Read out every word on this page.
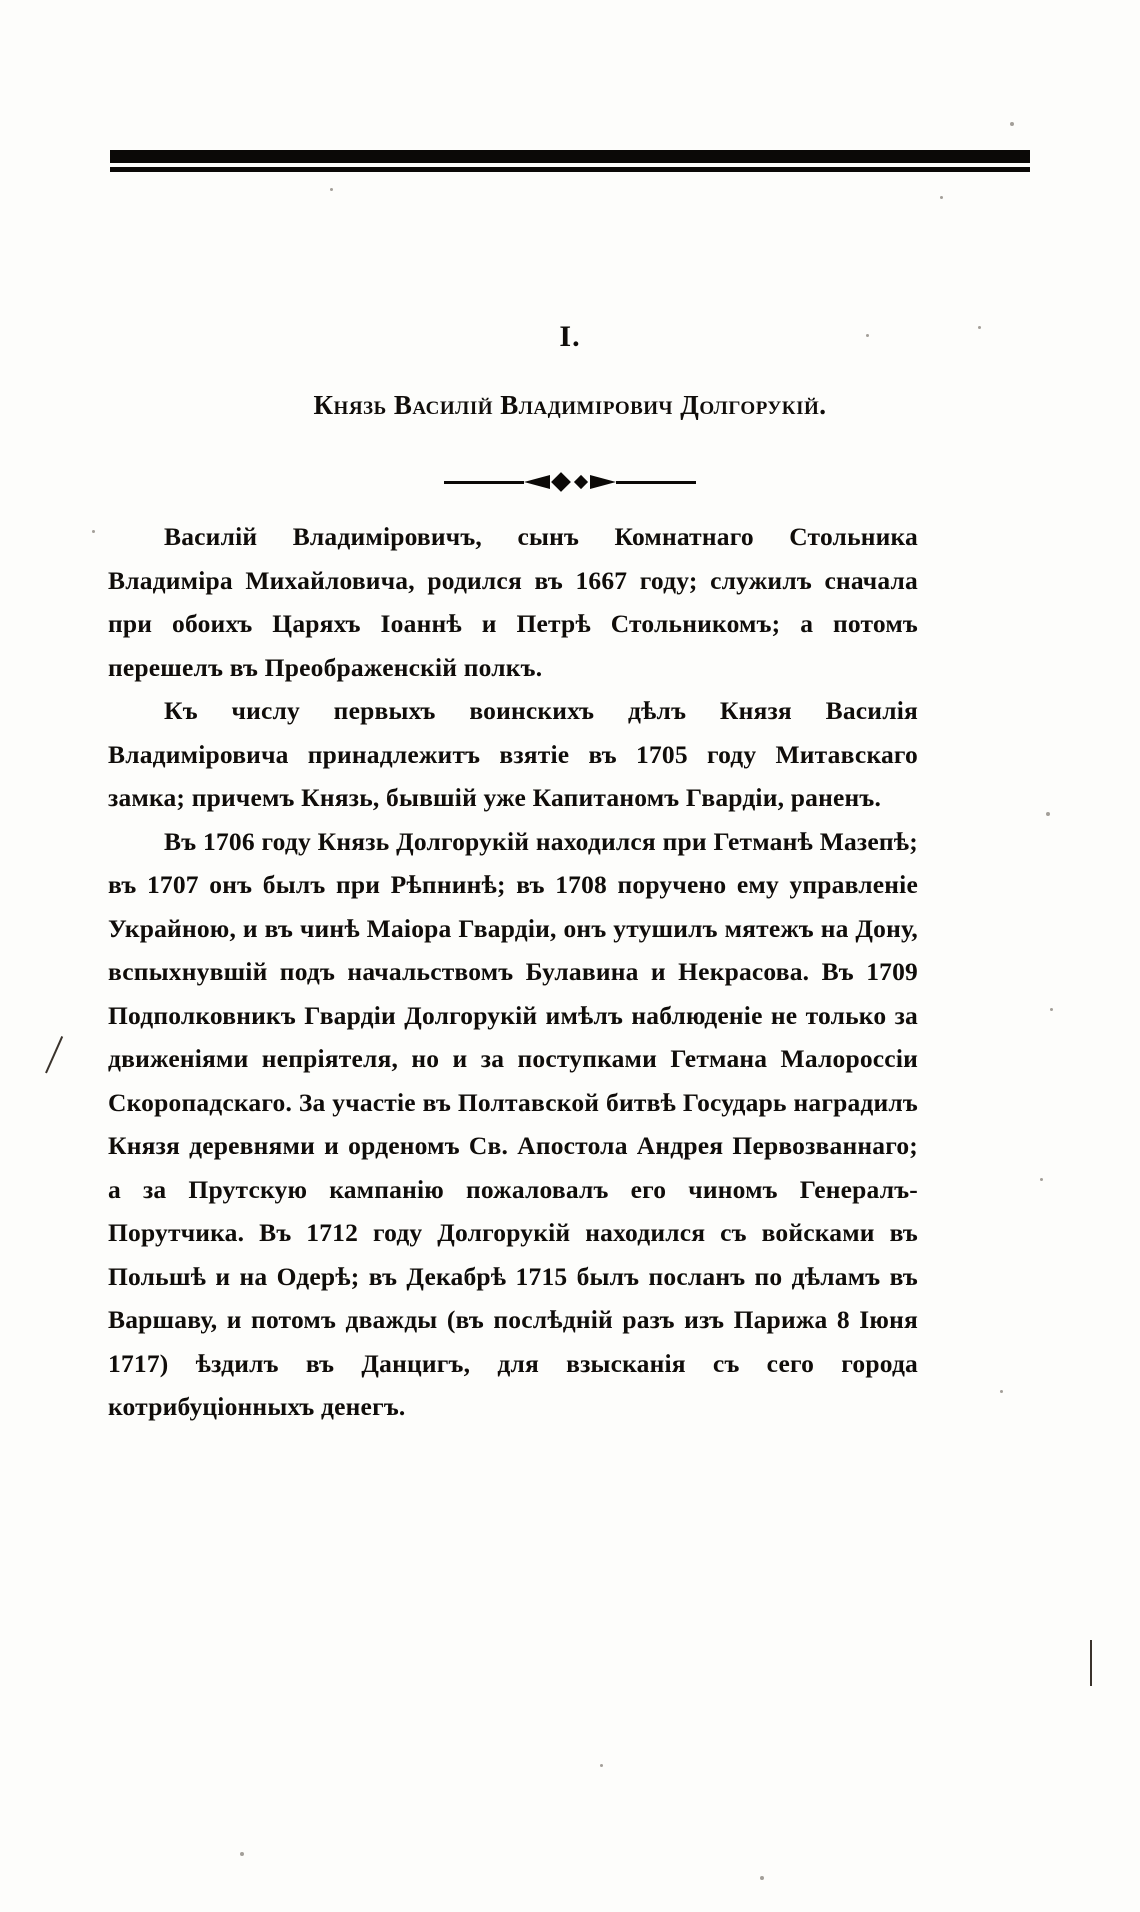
I.
Князь Василій Владимірович Долгорукій.

Василій Владиміровичъ, сынъ Комнатнаго Стольника Владиміра Михайловича, родился въ 1667 году; служилъ сначала при обоихъ Царяхъ Іоаннѣ и Петрѣ Стольникомъ; а потомъ перешелъ въ Преображенскій полкъ.

Къ числу первыхъ воинскихъ дѣлъ Князя Василія Владиміровича принадлежитъ взятіе въ 1705 году Митавскаго замка; причемъ Князь, бывшій уже Капитаномъ Гвардіи, раненъ.

Въ 1706 году Князь Долгорукій находился при Гетманѣ Мазепѣ; въ 1707 онъ былъ при Рѣпнинѣ; въ 1708 поручено ему управленіе Украйною, и въ чинѣ Маіора Гвардіи, онъ утушилъ мятежъ на Дону, вспыхнувшій подъ начальствомъ Булавина и Некрасова. Въ 1709 Подполковникъ Гвардіи Долгорукій имѣлъ наблюденіе не только за движеніями непріятеля, но и за поступками Гетмана Малороссіи Скоропадскаго. За участіе въ Полтавской битвѣ Государь наградилъ Князя деревнями и орденомъ Св. Апостола Андрея Первозваннаго; а за Прутскую кампанію пожаловалъ его чиномъ Генералъ-Порутчика. Въ 1712 году Долгорукій находился съ войсками въ Польшѣ и на Одерѣ; въ Декабрѣ 1715 былъ посланъ по дѣламъ въ Варшаву, и потомъ дважды (въ послѣдній разъ изъ Парижа 8 Іюня 1717) ѣздилъ въ Данцигъ, для взысканія съ сего города котрибуціонныхъ денегъ.
